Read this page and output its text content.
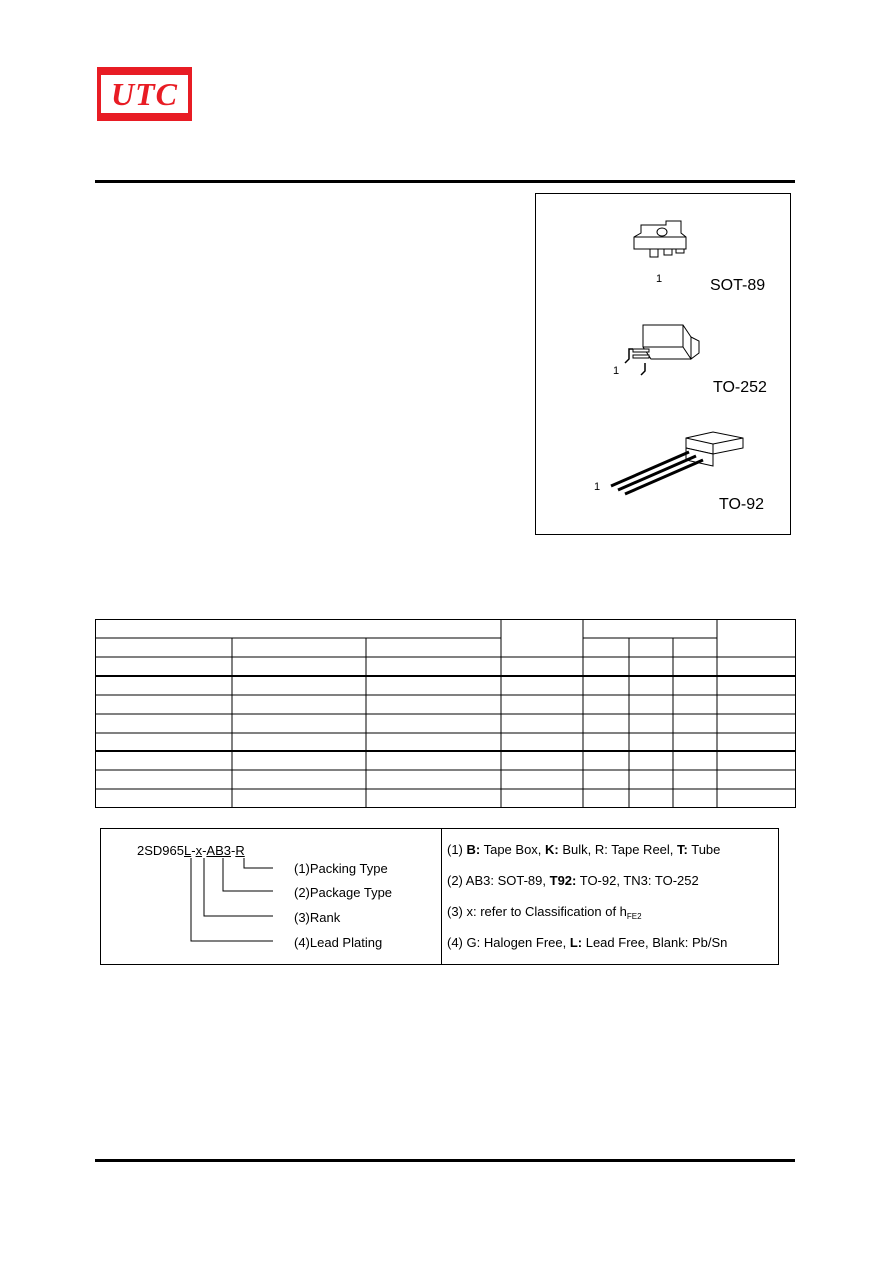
UTC
1	SOT-89
1
TO-252
1
TO-92
2SD965L-x-AB3-R
(1)Packing Type
(2)Package Type
(3)Rank
(4)Lead Plating
(1) B: Tape Box, K: Bulk, R: Tape Reel, T: Tube
(2) AB3: SOT-89, T92: TO-92, TN3: TO-252
(3) x: refer to Classification of $h_{FE2}$
(4) G: Halogen Free, L: Lead Free, Blank: Pb/Sn
